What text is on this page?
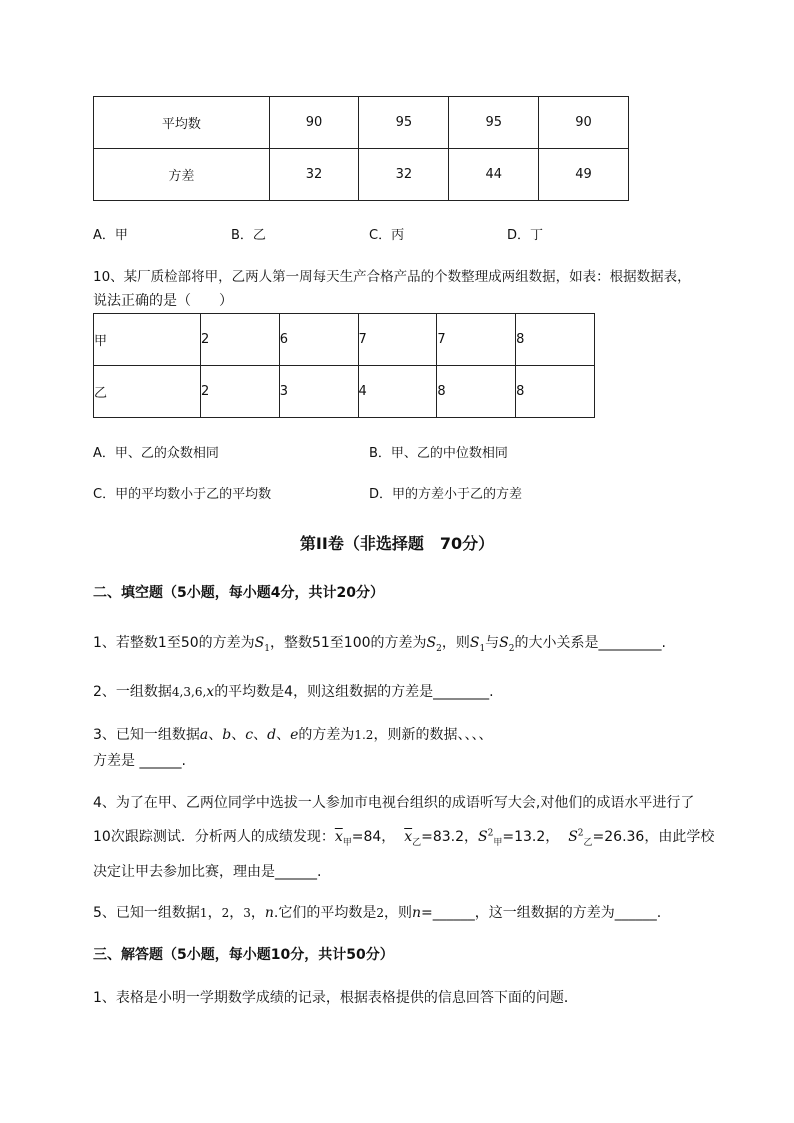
平均数	90	95	95	90
方差	32	32	44	49
A．甲	B．乙	C．丙	D．丁
10、某厂质检部将甲，乙两人第一周每天生产合格产品的个数整理成两组数据，如表：根据数据表，
说法正确的是（　　）
甲	2	6	7	7	8
乙	2	3	4	8	8
A．甲、乙的众数相同	B．甲、乙的中位数相同
C．甲的平均数小于乙的平均数	D．甲的方差小于乙的方差
第II卷（非选择题　70分）
二、填空题（5小题，每小题4分，共计20分）
1、若整数1至50的方差为$S_1$，整数51至100的方差为$S_2$，则$S_1$与$S_2$的大小关系是_________.
2、一组数据4,3,6,x的平均数是4，则这组数据的方差是________.
3、已知一组数据a、b、c、d、e的方差为1.2，则新的数据、、、、
方差是 ______.
4、为了在甲、乙两位同学中选拔一人参加市电视台组织的成语听写大会,对他们的成语水平进行了
10次跟踪测试．分析两人的成绩发现：$\overline{x}_甲=84$， $\overline{x}_乙=83.2$，$S^2_甲=13.2$， $S^2_乙=26.36$，由此学校
决定让甲去参加比赛，理由是______.
5、已知一组数据1，2，3，n.它们的平均数是2，则n=______，这一组数据的方差为______.
三、解答题（5小题，每小题10分，共计50分）
1、表格是小明一学期数学成绩的记录，根据表格提供的信息回答下面的问题．
